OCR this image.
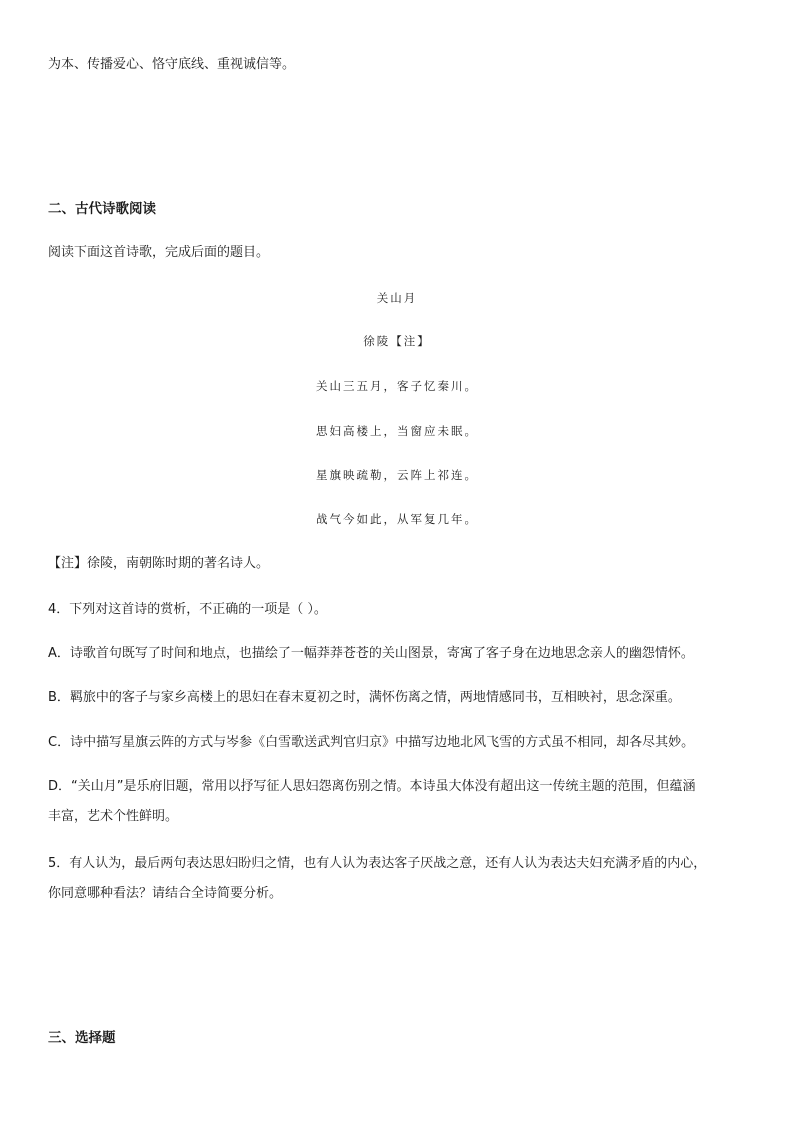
为本、传播爱心、恪守底线、重视诚信等。
二、古代诗歌阅读
阅读下面这首诗歌，完成后面的题目。
关山月
徐陵【注】
关山三五月，客子忆秦川。
思妇高楼上，当窗应未眠。
星旗映疏勒，云阵上祁连。
战气今如此，从军复几年。
【注】徐陵，南朝陈时期的著名诗人。
4．下列对这首诗的赏析，不正确的一项是（ ）。
A．诗歌首句既写了时间和地点，也描绘了一幅莽莽苍苍的关山图景，寄寓了客子身在边地思念亲人的幽怨情怀。
B．羁旅中的客子与家乡高楼上的思妇在春末夏初之时，满怀伤离之情，两地情感同书，互相映衬，思念深重。
C．诗中描写星旗云阵的方式与岑参《白雪歌送武判官归京》中描写边地北风飞雪的方式虽不相同，却各尽其妙。
D．“关山月”是乐府旧题，常用以抒写征人思妇怨离伤别之情。本诗虽大体没有超出这一传统主题的范围，但蕴涵
丰富，艺术个性鲜明。
5．有人认为，最后两句表达思妇盼归之情，也有人认为表达客子厌战之意，还有人认为表达夫妇充满矛盾的内心，
你同意哪种看法？请结合全诗简要分析。
三、选择题
